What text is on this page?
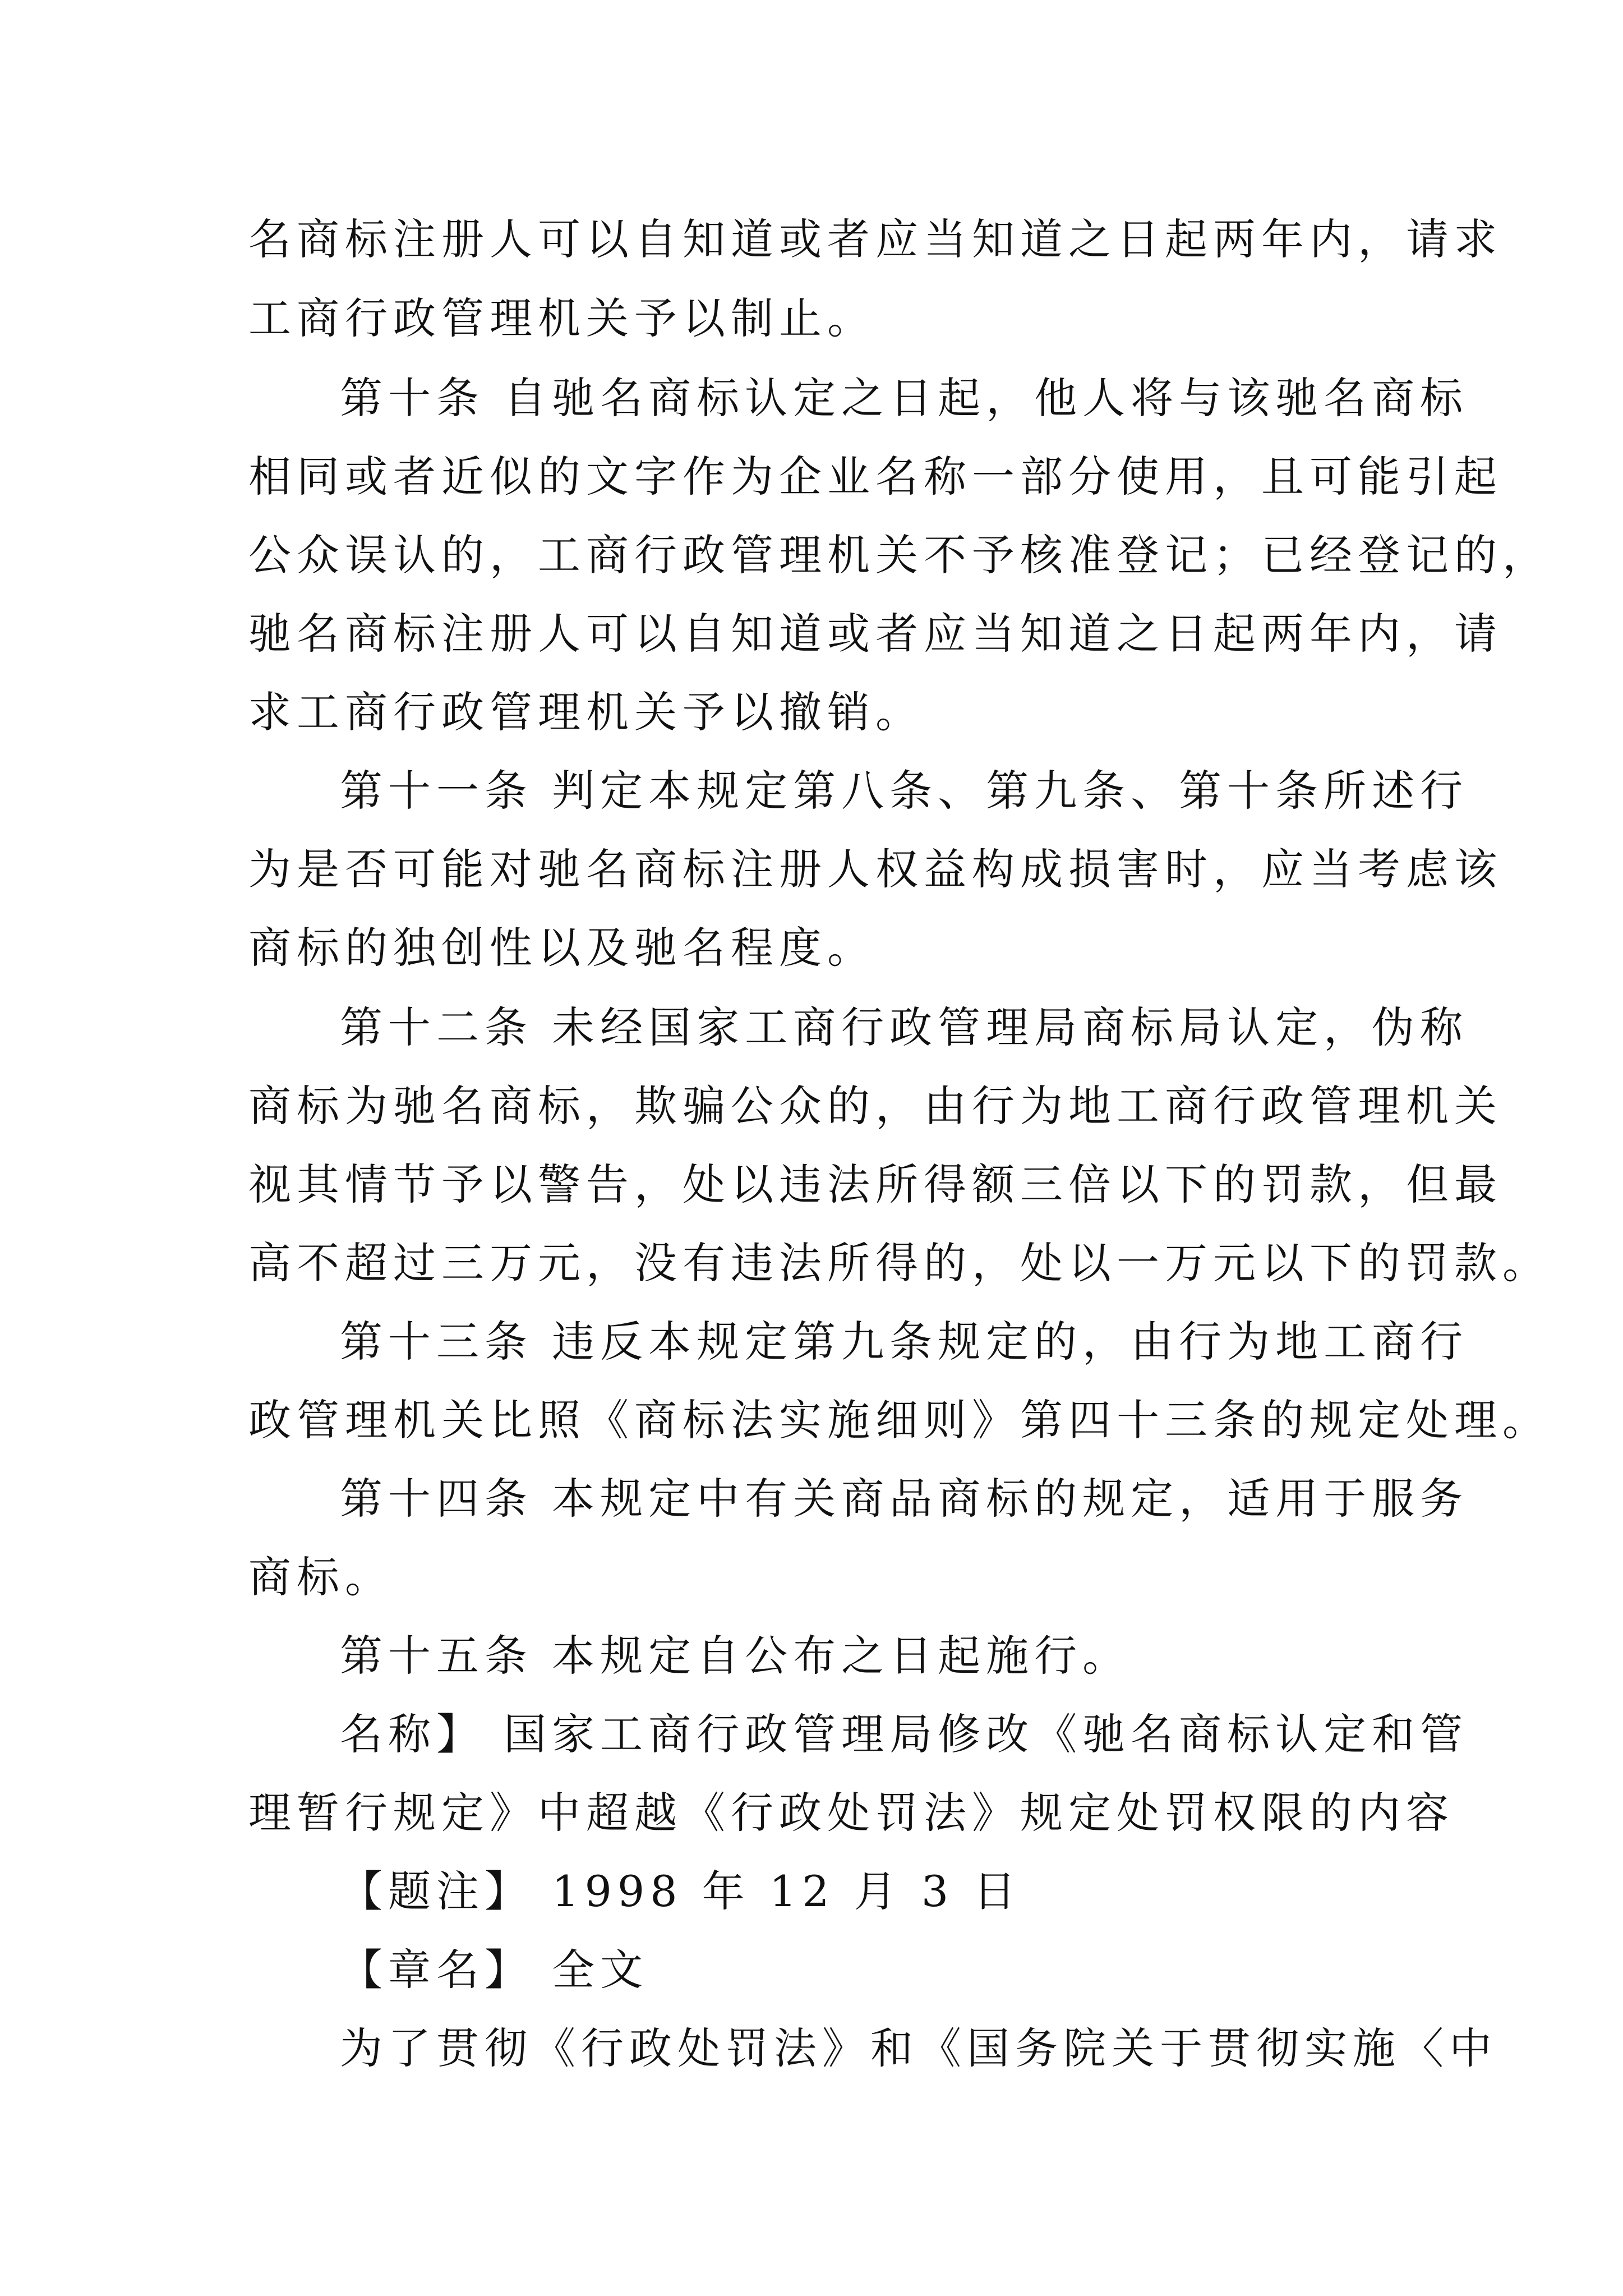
名商标注册人可以自知道或者应当知道之日起两年内，请求
工商行政管理机关予以制止。
第十条 自驰名商标认定之日起，他人将与该驰名商标
相同或者近似的文字作为企业名称一部分使用，且可能引起
公众误认的，工商行政管理机关不予核准登记；已经登记的，
驰名商标注册人可以自知道或者应当知道之日起两年内，请
求工商行政管理机关予以撤销。
第十一条 判定本规定第八条、第九条、第十条所述行
为是否可能对驰名商标注册人权益构成损害时，应当考虑该
商标的独创性以及驰名程度。
第十二条 未经国家工商行政管理局商标局认定，伪称
商标为驰名商标，欺骗公众的，由行为地工商行政管理机关
视其情节予以警告，处以违法所得额三倍以下的罚款，但最
高不超过三万元，没有违法所得的，处以一万元以下的罚款。
第十三条 违反本规定第九条规定的，由行为地工商行
政管理机关比照《商标法实施细则》第四十三条的规定处理。
第十四条 本规定中有关商品商标的规定，适用于服务
商标。
第十五条 本规定自公布之日起施行。
名称】 国家工商行政管理局修改《驰名商标认定和管
理暂行规定》中超越《行政处罚法》规定处罚权限的内容
【题注】 1998 年 12 月 3 日
【章名】 全文
为了贯彻《行政处罚法》和《国务院关于贯彻实施〈中
